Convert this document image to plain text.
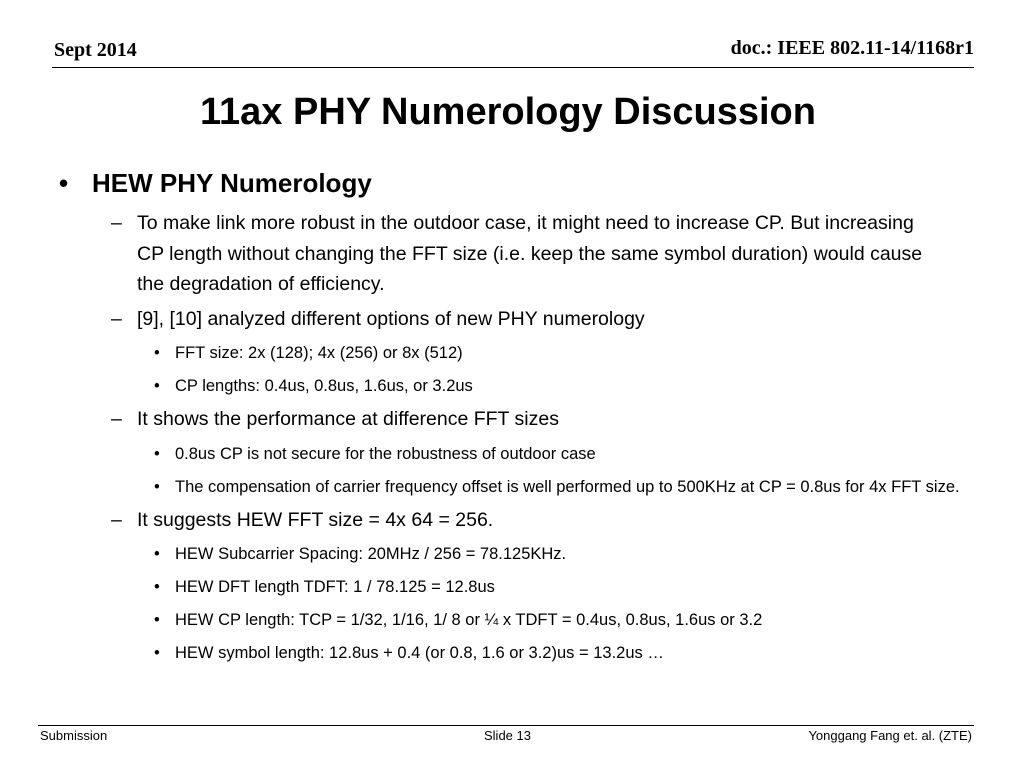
Sept 2014	doc.: IEEE 802.11-14/1168r1
11ax PHY Numerology Discussion
• HEW PHY Numerology
– To make link more robust in the outdoor case, it might need to increase CP. But increasing CP length without changing the FFT size (i.e. keep the same symbol duration) would cause the degradation of efficiency.
– [9], [10] analyzed different options of new PHY numerology
• FFT size: 2x (128); 4x (256) or 8x (512)
• CP lengths: 0.4us, 0.8us, 1.6us, or 3.2us
– It shows the performance at difference FFT sizes
• 0.8us CP is not secure for the robustness of outdoor case
• The compensation of carrier frequency offset is well performed up to 500KHz at CP = 0.8us for 4x FFT size.
– It suggests HEW FFT size = 4x 64 = 256.
• HEW Subcarrier Spacing: 20MHz / 256 = 78.125KHz.
• HEW DFT length TDFT: 1 / 78.125 = 12.8us
• HEW CP length: TCP = 1/32, 1/16, 1/ 8 or ¼ x TDFT = 0.4us, 0.8us, 1.6us or 3.2
• HEW symbol length: 12.8us + 0.4 (or 0.8, 1.6 or 3.2)us = 13.2us …
Submission	Slide 13	Yonggang Fang et. al. (ZTE)
